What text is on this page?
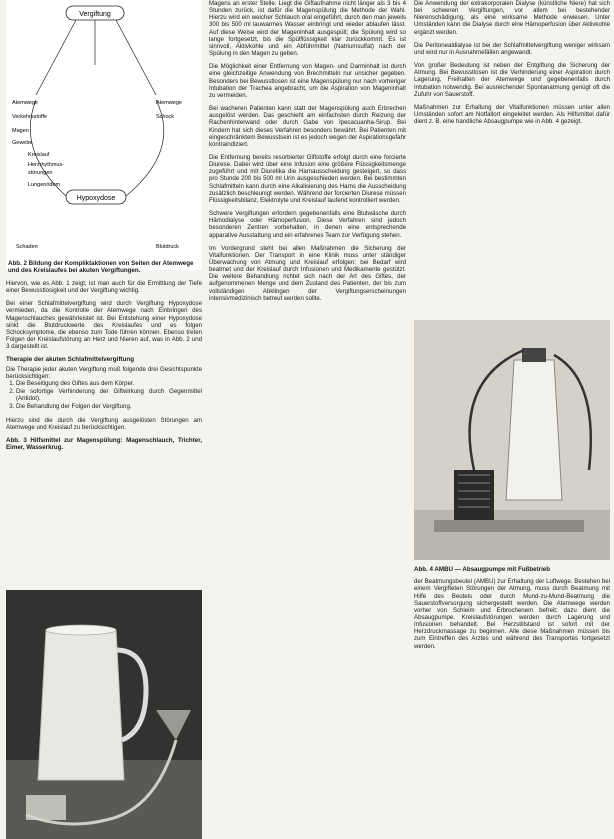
Vergiftung
Hypoxydose
Atemwege
Verkehrsstoffe
Magen
Gewebe
Kreislauf
Herzrhythmus-
störungen
Lungenödem
Atemwege
Schock
Schaden	Blutdruck
Abb. 2 Bildung der Kompliktaktionen von Seiten der Atemwege und des Kreislaufes bei akuten Vergiftungen.

Hiervon, wie es Abb. 1 zeigt, ist man auch für die Ermittlung der Tiefe einer Bewusstlosigkeit und der Vergiftung wichtig.

Bei einer Schlafmittelvergiftung wird durch Vergiftung Hypoxydose vermieden, da die Kontrolle der Atemwege nach Einbringen des Magenschlauches gewährleistet ist. Bei Entstehung einer Hypoxydose sinkt die Blutdruckwerte des Kreislaufes und es folgen Schocksymptome, die ebenso zum Tode führen können. Ebenso treten Folgen der Kreislaufstörung an Herz und Nieren auf, was in Abb. 2 und 3 dargestellt ist.

Therapie der akuten Schlafmittelvergiftung

Die Therapie jeder akuten Vergiftung muß folgende drei Gesichtspunkte berücksichtigen:

1. Die Beseitigung des Giftes aus dem Körper.
2. Die sofortige Verhinderung der Giftwirkung durch Gegenmittel (Antidot).
3. Die Behandlung der Folgen der Vergiftung.

Hierzu sind die durch die Vergiftung ausgelösten Störungen am Atemwege und Kreislauf zu berücksichtigen.

Abb. 3 Hilfsmittel zur Magenspülung: Magenschlauch, Trichter, Eimer, Wasserkrug.

Magens an erster Stelle. Liegt die Giftaufnahme nicht länger als 3 bis 4 Stunden zurück, ist dafür die Magenspülung die Methode der Wahl. Hierzu wird ein weicher Schlauch oral eingeführt, durch den man jeweils 300 bis 500 ml lauwarmes Wasser einbringt und wieder ablaufen lässt. Auf diese Weise wird der Mageninhalt ausgespült; die Spülung wird so lange fortgesetzt, bis die Spülflüssigkeit klar zurückkommt. Es ist sinnvoll, Aktivkohle und ein Abführmittel (Natriumsulfat) nach der Spülung in den Magen zu geben.

Die Möglichkeit einer Entfernung von Magen- und Darminhalt ist durch eine gleichzeitige Anwendung von Brechmitteln nur unsicher gegeben. Besonders bei Bewusstlosen ist eine Magenspülung nur nach vorheriger Intubation der Trachea angebracht, um die Aspiration von Mageninhalt zu vermeiden.

Bei wacheren Patienten kann statt der Magenspülung auch Erbrechen ausgelöst werden. Das geschieht am einfachsten durch Reizung der Rachenhinterwand oder durch Gabe von Ipecacuanha-Sirup. Bei Kindern hat sich dieses Verfahren besonders bewährt. Bei Patienten mit eingeschränktem Bewusstsein ist es jedoch wegen der Aspirationsgefahr kontraindiziert.

Die Entfernung bereits resorbierter Giftstoffe erfolgt durch eine forcierte Diurese. Dabei wird über eine Infusion eine größere Flüssigkeitsmenge zugeführt und mit Diuretika die Harnausscheidung gesteigert, so dass pro Stunde 200 bis 500 ml Urin ausgeschieden werden. Bei bestimmten Schlafmitteln kann durch eine Alkalisierung des Harns die Ausscheidung zusätzlich beschleunigt werden. Während der forcierten Diurese müssen Flüssigkeitsbilanz, Elektrolyte und Kreislauf laufend kontrolliert werden.

Schwere Vergiftungen erfordern gegebenenfalls eine Blutwäsche durch Hämodialyse oder Hämoperfusion. Diese Verfahren sind jedoch besonderen Zentren vorbehalten, in denen eine entsprechende apparative Ausstattung und ein erfahrenes Team zur Verfügung stehen.

Im Vordergrund steht bei allen Maßnahmen die Sicherung der Vitalfunktionen. Der Transport in eine Klinik muss unter ständiger Überwachung von Atmung und Kreislauf erfolgen; bei Bedarf wird beatmet und der Kreislauf durch Infusionen und Medikamente gestützt. Die weitere Behandlung richtet sich nach der Art des Giftes, der aufgenommenen Menge und dem Zustand des Patienten, der bis zum vollständigen Abklingen der Vergiftungserscheinungen intensivmedizinisch betreut werden sollte.

Die Anwendung der extrakorporalen Dialyse (künstliche Niere) hat sich bei schweren Vergiftungen, vor allem bei bestehender Nierenschädigung, als eine wirksame Methode erwiesen. Unter Umständen kann die Dialyse durch eine Hämoperfusion über Aktivkohle ergänzt werden.

Die Peritonealdialyse ist bei der Schlafmittelvergiftung weniger wirksam und wird nur in Ausnahmefällen angewandt.

Von großer Bedeutung ist neben der Entgiftung die Sicherung der Atmung. Bei Bewusstlosen ist die Verhinderung einer Aspiration durch Lagerung, Freihalten der Atemwege und gegebenenfalls durch Intubation notwendig. Bei ausreichender Spontanatmung genügt oft die Zufuhr von Sauerstoff.

Maßnahmen zur Erhaltung der Vitalfunktionen müssen unter allen Umständen sofort am Notfallort eingeleitet werden. Als Hilfsmittel dafür dient z. B. eine handliche Absaugpumpe wie in Abb. 4 gezeigt.

Abb. 4 AMBU — Absaugpumpe mit Fußbetrieb

der Beatmungsbeutel (AMBU) zur Erhaltung der Luftwege. Bestehen bei einem Vergifteten Störungen der Atmung, muss durch Beatmung mit Hilfe des Beutels oder durch Mund-zu-Mund-Beatmung die Sauerstoffversorgung sichergestellt werden. Die Atemwege werden vorher von Schleim und Erbrochenem befreit; dazu dient die Absaugpumpe. Kreislaufstörungen werden durch Lagerung und Infusionen behandelt. Bei Herzstillstand ist sofort mit der Herzdruckmassage zu beginnen. Alle diese Maßnahmen müssen bis zum Eintreffen des Arztes und während des Transportes fortgesetzt werden.
